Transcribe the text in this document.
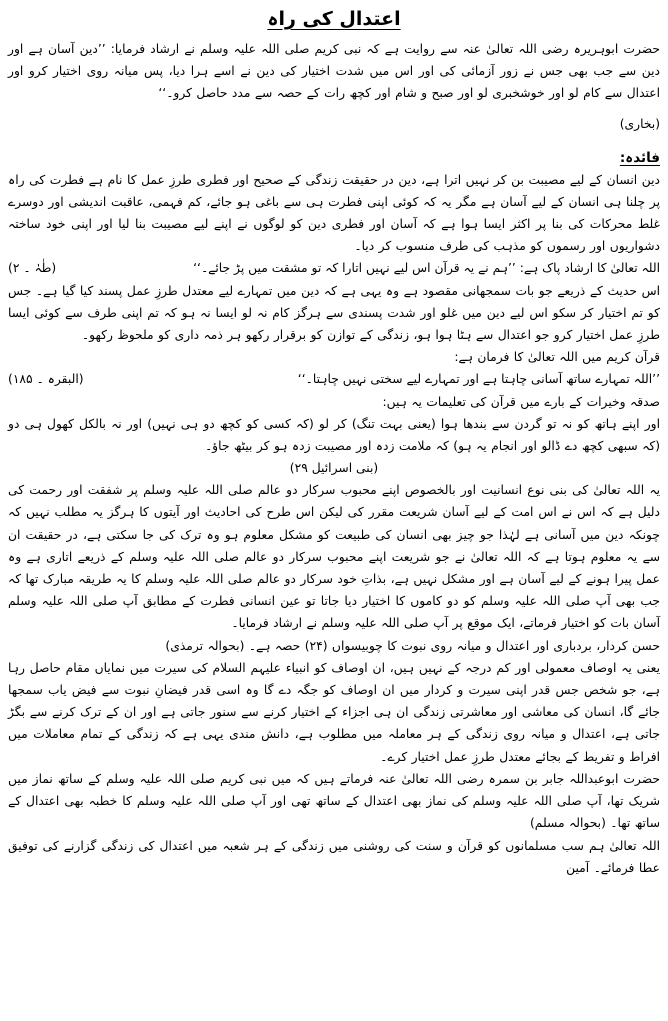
اعتدال کی راہ

حضرت ابوہریرہ رضی اللہ تعالیٰ عنہ سے روایت ہے کہ نبی کریم صلی اللہ علیہ وسلم نے ارشاد فرمایا: ’’دین آسان ہے اور دین سے جب بھی جس نے زور آزمائی کی اور اس میں شدت اختیار کی دین نے اسے ہرا دیا، پس میانہ روی اختیار کرو اور اعتدال سے کام لو اور خوشخبری لو اور صبح و شام اور کچھ رات کے حصہ سے مدد حاصل کرو۔‘‘

(بخاری)

فائدہ:

دین انسان کے لیے مصیبت بن کر نہیں اترا ہے، دین در حقیقت زندگی کے صحیح اور فطری طرزِ عمل کا نام ہے فطرت کی راہ پر چلنا ہی انسان کے لیے آسان ہے مگر یہ کہ کوئی اپنی فطرت ہی سے باغی ہو جائے، کم فہمی، عاقبت اندیشی اور دوسرے غلط محرکات کی بنا پر اکثر ایسا ہوا ہے کہ آسان اور فطری دین کو لوگوں نے اپنے لیے مصیبت بنا لیا اور اپنی خود ساختہ دشواریوں اور رسموں کو مذہب کی طرف منسوب کر دیا۔

اللہ تعالیٰ کا ارشاد پاک ہے: ’’ہم نے یہ قرآن اس لیے نہیں اتارا کہ تو مشقت میں پڑ جائے۔‘‘
(طٰہٰ ۔ ۲)

اس حدیث کے ذریعے جو بات سمجھانی مقصود ہے وہ یہی ہے کہ دین میں تمہارے لیے معتدل طرزِ عمل پسند کیا گیا ہے۔ جس کو تم اختیار کر سکو اس لیے دین میں غلو اور شدت پسندی سے ہرگز کام نہ لو ایسا نہ ہو کہ تم اپنی طرف سے کوئی ایسا طرزِ عمل اختیار کرو جو اعتدال سے ہٹا ہوا ہو، زندگی کے توازن کو برقرار رکھو ہر ذمہ داری کو ملحوظ رکھو۔

قرآن کریم میں اللہ تعالیٰ کا فرمان ہے:

’’اللہ تمہارے ساتھ آسانی چاہتا ہے اور تمہارے لیے سختی نہیں چاہتا۔‘‘
(البقرہ ۔ ۱۸۵)

صدقہ وخیرات کے بارے میں قرآن کی تعلیمات یہ ہیں:

اور اپنے ہاتھ کو نہ تو گردن سے بندھا ہوا (یعنی بہت تنگ) کر لو (کہ کسی کو کچھ دو ہی نہیں) اور نہ بالکل کھول ہی دو (کہ سبھی کچھ دے ڈالو اور انجام یہ ہو) کہ ملامت زدہ اور مصیبت زدہ ہو کر بیٹھ جاؤ۔

(بنی اسرائیل ۲۹)

یہ اللہ تعالیٰ کی بنی نوع انسانیت اور بالخصوص اپنے محبوب سرکار دو عالم صلی اللہ علیہ وسلم پر شفقت اور رحمت کی دلیل ہے کہ اس نے اس امت کے لیے آسان شریعت مقرر کی لیکن اس طرح کی احادیث اور آیتوں کا ہرگز یہ مطلب نہیں کہ چونکہ دین میں آسانی ہے لہٰذا جو چیز بھی انسان کی طبیعت کو مشکل معلوم ہو وہ ترک کی جا سکتی ہے، در حقیقت ان سے یہ معلوم ہوتا ہے کہ اللہ تعالیٰ نے جو شریعت اپنے محبوب سرکار دو عالم صلی اللہ علیہ وسلم کے ذریعے اتاری ہے وہ عمل پیرا ہونے کے لیے آسان ہے اور مشکل نہیں ہے، بذاتِ خود سرکار دو عالم صلی اللہ علیہ وسلم کا یہ طریقہ مبارک تھا کہ جب بھی آپ صلی اللہ علیہ وسلم کو دو کاموں کا اختیار دیا جاتا تو عین انسانی فطرت کے مطابق آپ صلی اللہ علیہ وسلم آسان بات کو اختیار فرماتے، ایک موقع پر آپ صلی اللہ علیہ وسلم نے ارشاد فرمایا۔

حسن کردار، بردباری اور اعتدال و میانہ روی نبوت کا چوبیسواں (۲۴) حصہ ہے۔ (بحوالہ ترمذی)

یعنی یہ اوصاف معمولی اور کم درجہ کے نہیں ہیں، ان اوصاف کو انبیاء علیہم السلام کی سیرت میں نمایاں مقام حاصل رہا ہے، جو شخص جس قدر اپنی سیرت و کردار میں ان اوصاف کو جگہ دے گا وہ اسی قدر فیضانِ نبوت سے فیض یاب سمجھا جائے گا، انسان کی معاشی اور معاشرتی زندگی ان ہی اجزاء کے اختیار کرنے سے سنور جاتی ہے اور ان کے ترک کرنے سے بگڑ جاتی ہے، اعتدال و میانہ روی زندگی کے ہر معاملہ میں مطلوب ہے، دانش مندی یہی ہے کہ زندگی کے تمام معاملات میں افراط و تفریط کے بجائے معتدل طرزِ عمل اختیار کرے۔

حضرت ابوعبداللہ جابر بن سمرہ رضی اللہ تعالیٰ عنہ فرماتے ہیں کہ میں نبی کریم صلی اللہ علیہ وسلم کے ساتھ نماز میں شریک تھا، آپ صلی اللہ علیہ وسلم کی نماز بھی اعتدال کے ساتھ تھی اور آپ صلی اللہ علیہ وسلم کا خطبہ بھی اعتدال کے ساتھ تھا۔ (بحوالہ مسلم)

اللہ تعالیٰ ہم سب مسلمانوں کو قرآن و سنت کی روشنی میں زندگی کے ہر شعبہ میں اعتدال کی زندگی گزارنے کی توفیق عطا فرمائے۔ آمین
